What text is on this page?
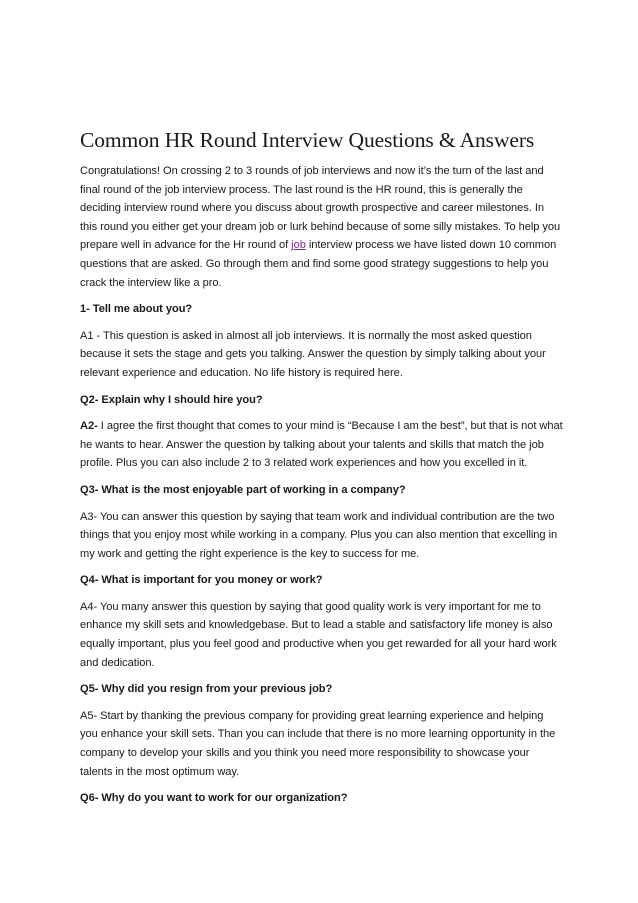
Common HR Round Interview Questions & Answers

Congratulations! On crossing 2 to 3 rounds of job interviews and now it’s the turn of the last and final round of the job interview process. The last round is the HR round, this is generally the deciding interview round where you discuss about growth prospective and career milestones. In this round you either get your dream job or lurk behind because of some silly mistakes. To help you prepare well in advance for the Hr round of job interview process we have listed down 10 common questions that are asked. Go through them and find some good strategy suggestions to help you crack the interview like a pro.

1- Tell me about you?

A1 - This question is asked in almost all job interviews. It is normally the most asked question because it sets the stage and gets you talking. Answer the question by simply talking about your relevant experience and education. No life history is required here.

Q2- Explain why I should hire you?

A2- I agree the first thought that comes to your mind is “Because I am the best”, but that is not what he wants to hear. Answer the question by talking about your talents and skills that match the job profile. Plus you can also include 2 to 3 related work experiences and how you excelled in it.

Q3- What is the most enjoyable part of working in a company?

A3- You can answer this question by saying that team work and individual contribution are the two things that you enjoy most while working in a company. Plus you can also mention that excelling in my work and getting the right experience is the key to success for me.

Q4- What is important for you money or work?

A4- You many answer this question by saying that good quality work is very important for me to enhance my skill sets and knowledgebase. But to lead a stable and satisfactory life money is also equally important, plus you feel good and productive when you get rewarded for all your hard work and dedication.

Q5- Why did you resign from your previous job?

A5- Start by thanking the previous company for providing great learning experience and helping you enhance your skill sets. Than you can include that there is no more learning opportunity in the company to develop your skills and you think you need more responsibility to showcase your talents in the most optimum way.

Q6- Why do you want to work for our organization?
